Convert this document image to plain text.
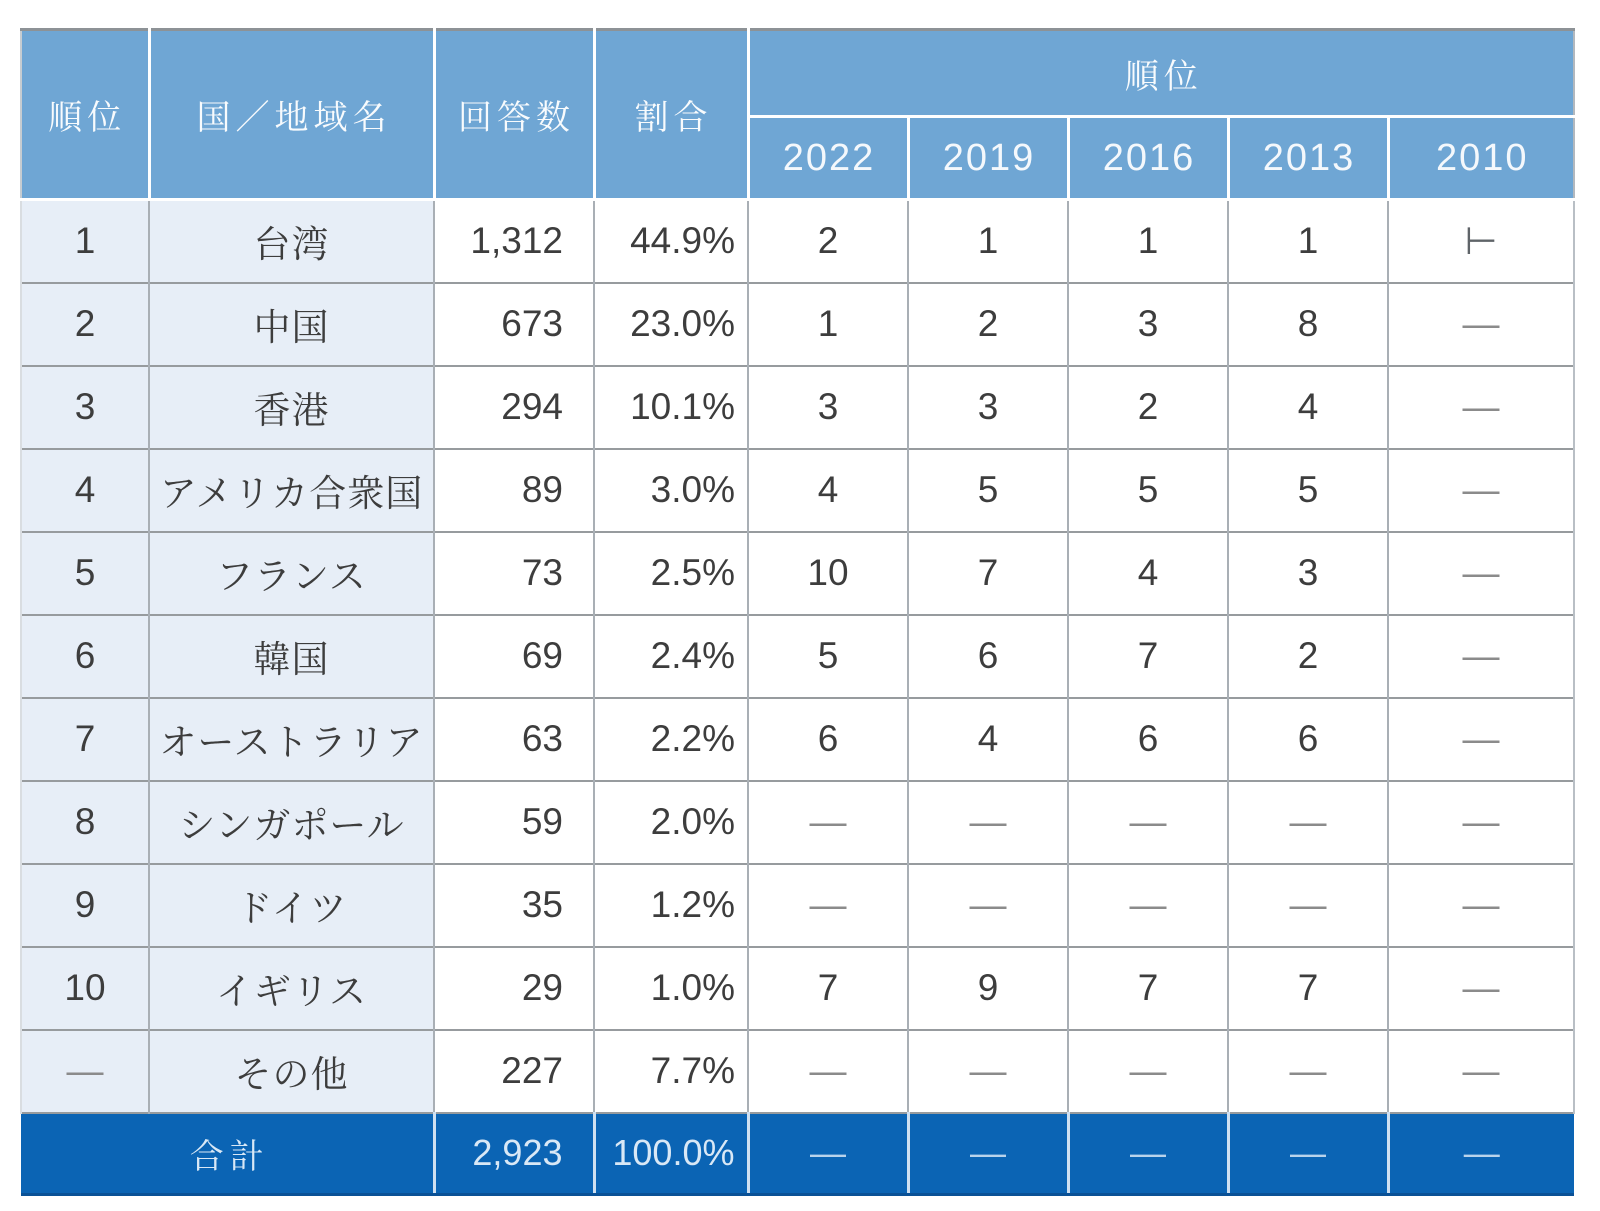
順位	国／地域名	回答数	割合	順位				
				2022	2019	2016	2013	2010
1	台湾	1,312	44.9%	2	1	1	1	⊢
2	中国	673	23.0%	1	2	3	8	—
3	香港	294	10.1%	3	3	2	4	—
4	アメリカ合衆国	89	3.0%	4	5	5	5	—
5	フランス	73	2.5%	10	7	4	3	—
6	韓国	69	2.4%	5	6	7	2	—
7	オーストラリア	63	2.2%	6	4	6	6	—
8	シンガポール	59	2.0%	—	—	—	—	—
9	ドイツ	35	1.2%	—	—	—	—	—
10	イギリス	29	1.0%	7	9	7	7	—
—	その他	227	7.7%	—	—	—	—	—
合計		2,923	100.0%	—	—	—	—	—
